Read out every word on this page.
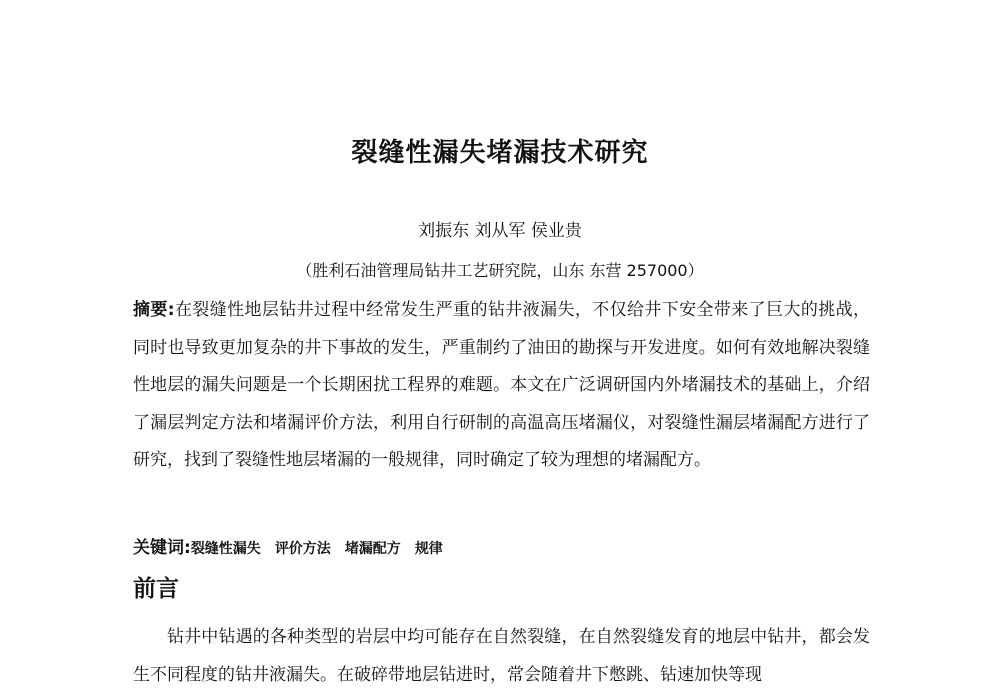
裂缝性漏失堵漏技术研究
刘振东 刘从军 侯业贵
（胜利石油管理局钻井工艺研究院，山东 东营 257000）
摘要:在裂缝性地层钻井过程中经常发生严重的钻井液漏失，不仅给井下安全带来了巨大的挑战，同时也导致更加复杂的井下事故的发生，严重制约了油田的勘探与开发进度。如何有效地解决裂缝性地层的漏失问题是一个长期困扰工程界的难题。本文在广泛调研国内外堵漏技术的基础上，介绍了漏层判定方法和堵漏评价方法，利用自行研制的高温高压堵漏仪，对裂缝性漏层堵漏配方进行了研究，找到了裂缝性地层堵漏的一般规律，同时确定了较为理想的堵漏配方。
关键词:裂缝性漏失 评价方法 堵漏配方 规律
前言
钻井中钻遇的各种类型的岩层中均可能存在自然裂缝，在自然裂缝发育的地层中钻井，都会发生不同程度的钻井液漏失。在破碎带地层钻进时，常会随着井下憋跳、钻速加快等现
